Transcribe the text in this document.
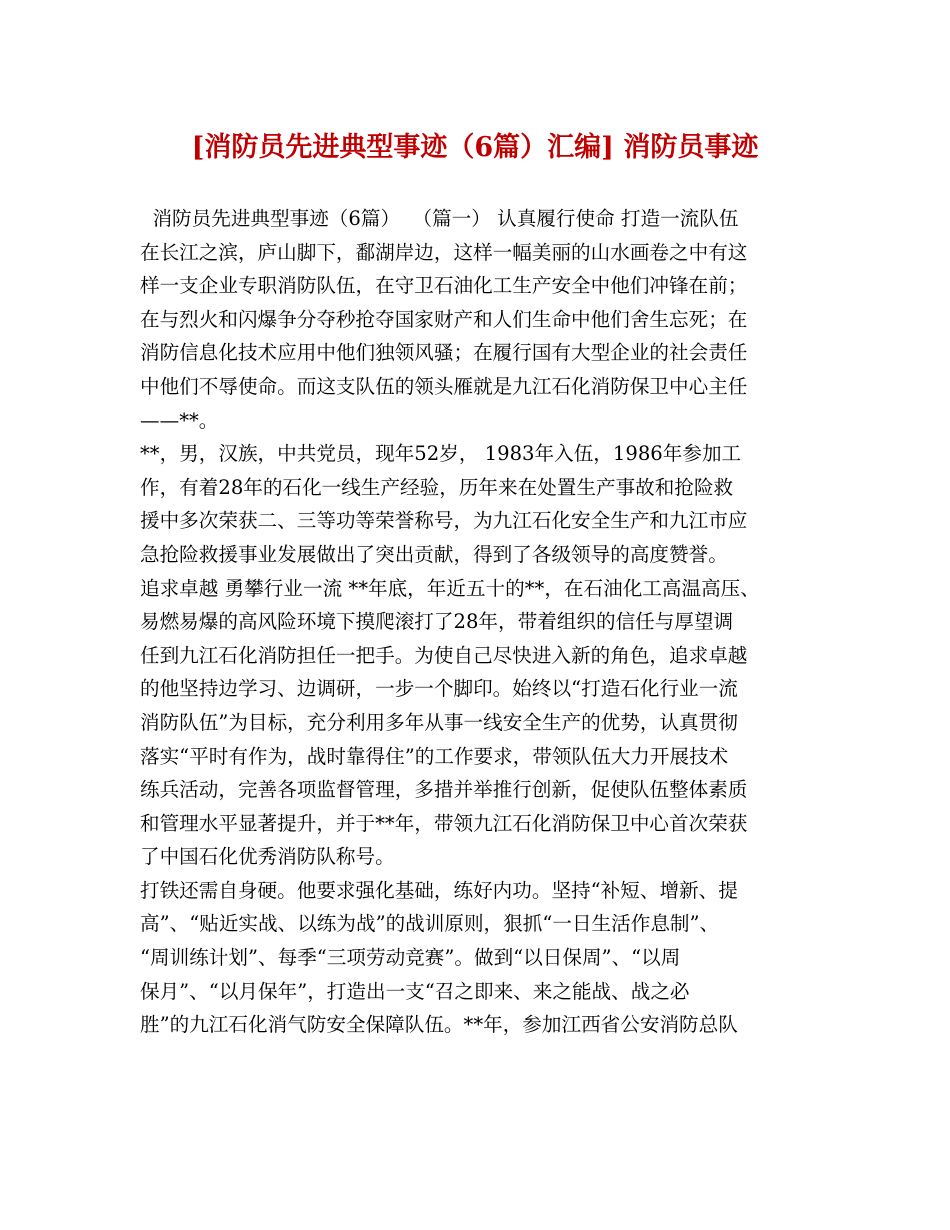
[消防员先进典型事迹（6篇）汇编] 消防员事迹
消防员先进典型事迹（6篇）  （篇一） 认真履行使命 打造一流队伍
在长江之滨，庐山脚下，鄱湖岸边，这样一幅美丽的山水画卷之中有这
样一支企业专职消防队伍，在守卫石油化工生产安全中他们冲锋在前；
在与烈火和闪爆争分夺秒抢夺国家财产和人们生命中他们舍生忘死；在
消防信息化技术应用中他们独领风骚；在履行国有大型企业的社会责任
中他们不辱使命。而这支队伍的领头雁就是九江石化消防保卫中心主任
——**。
**，男，汉族，中共党员，现年52岁， 1983年入伍，1986年参加工
作，有着28年的石化一线生产经验，历年来在处置生产事故和抢险救
援中多次荣获二、三等功等荣誉称号，为九江石化安全生产和九江市应
急抢险救援事业发展做出了突出贡献，得到了各级领导的高度赞誉。
追求卓越 勇攀行业一流 **年底，年近五十的**，在石油化工高温高压、
易燃易爆的高风险环境下摸爬滚打了28年，带着组织的信任与厚望调
任到九江石化消防担任一把手。为使自己尽快进入新的角色，追求卓越
的他坚持边学习、边调研，一步一个脚印。始终以“打造石化行业一流
消防队伍”为目标，充分利用多年从事一线安全生产的优势，认真贯彻
落实“平时有作为，战时靠得住”的工作要求，带领队伍大力开展技术
练兵活动，完善各项监督管理，多措并举推行创新，促使队伍整体素质
和管理水平显著提升，并于**年，带领九江石化消防保卫中心首次荣获
了中国石化优秀消防队称号。
打铁还需自身硬。他要求强化基础，练好内功。坚持“补短、增新、提
高”、“贴近实战、以练为战”的战训原则，狠抓“一日生活作息制”、
“周训练计划”、每季“三项劳动竞赛”。做到“以日保周”、“以周
保月”、“以月保年”，打造出一支“召之即来、来之能战、战之必
胜”的九江石化消气防安全保障队伍。**年，参加江西省公安消防总队
